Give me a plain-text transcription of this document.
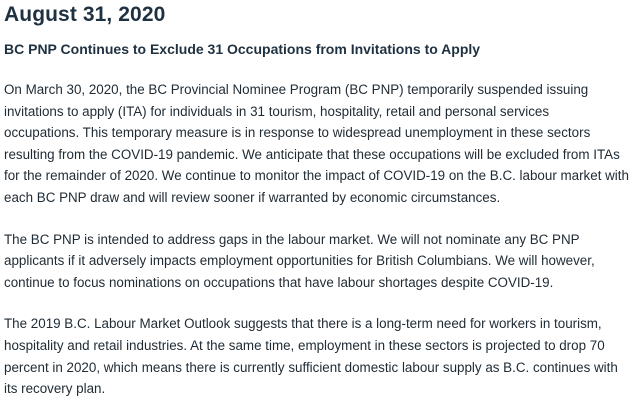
August 31, 2020
BC PNP Continues to Exclude 31 Occupations from Invitations to Apply

On March 30, 2020, the BC Provincial Nominee Program (BC PNP) temporarily suspended issuing
invitations to apply (ITA) for individuals in 31 tourism, hospitality, retail and personal services
occupations. This temporary measure is in response to widespread unemployment in these sectors
resulting from the COVID-19 pandemic. We anticipate that these occupations will be excluded from ITAs
for the remainder of 2020. We continue to monitor the impact of COVID-19 on the B.C. labour market with
each BC PNP draw and will review sooner if warranted by economic circumstances.

The BC PNP is intended to address gaps in the labour market. We will not nominate any BC PNP
applicants if it adversely impacts employment opportunities for British Columbians. We will however,
continue to focus nominations on occupations that have labour shortages despite COVID-19.

The 2019 B.C. Labour Market Outlook suggests that there is a long-term need for workers in tourism,
hospitality and retail industries. At the same time, employment in these sectors is projected to drop 70
percent in 2020, which means there is currently sufficient domestic labour supply as B.C. continues with
its recovery plan.
